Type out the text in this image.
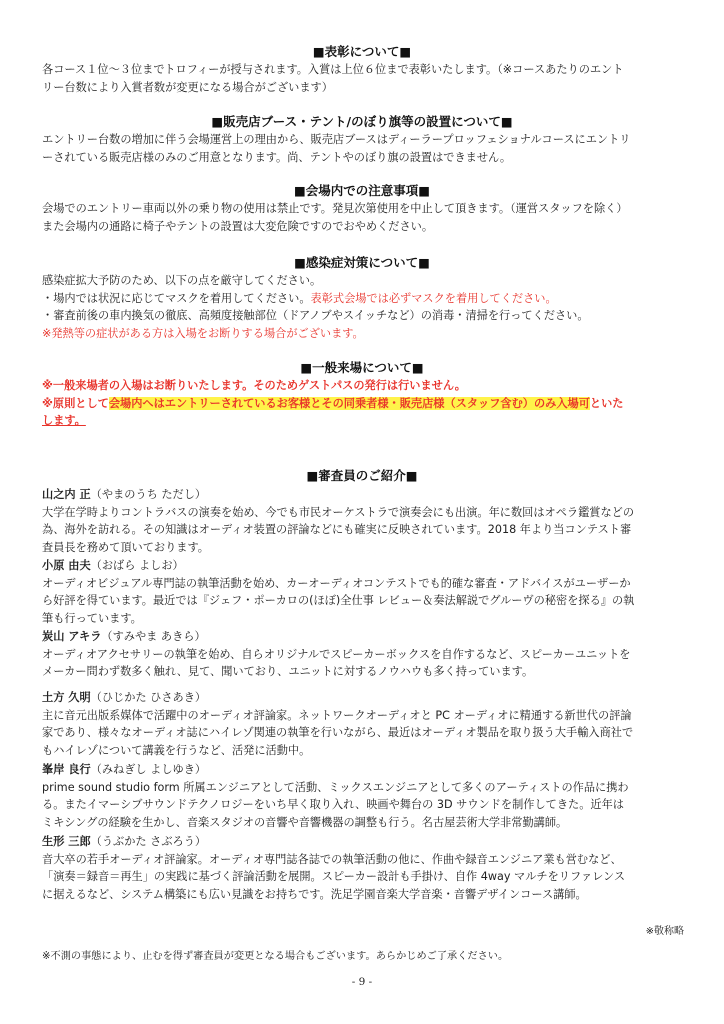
■表彰について■
各コース１位～３位までトロフィーが授与されます。入賞は上位６位まで表彰いたします。（※コースあたりのエント
リー台数により入賞者数が変更になる場合がございます）
■販売店ブース・テント/のぼり旗等の設置について■
エントリー台数の増加に伴う会場運営上の理由から、販売店ブースはディーラープロッフェショナルコースにエントリ
ーされている販売店様のみのご用意となります。尚、テントやのぼり旗の設置はできません。
■会場内での注意事項■
会場でのエントリー車両以外の乗り物の使用は禁止です。発見次第使用を中止して頂きます。（運営スタッフを除く）
また会場内の通路に椅子やテントの設置は大変危険ですのでおやめください。
■感染症対策について■
感染症拡大予防のため、以下の点を厳守してください。
・場内では状況に応じてマスクを着用してください。表彰式会場では必ずマスクを着用してください。
・審査前後の車内換気の徹底、高頻度接触部位（ドアノブやスイッチなど）の消毒・清掃を行ってください。
※発熱等の症状がある方は入場をお断りする場合がございます。
■一般来場について■
※一般来場者の入場はお断りいたします。そのためゲストパスの発行は行いません。
※原則として会場内へはエントリーされているお客様とその同乗者様・販売店様（スタッフ含む）のみ入場可といた
します。
■審査員のご紹介■
山之内 正（やまのうち ただし）
大学在学時よりコントラバスの演奏を始め、今でも市民オーケストラで演奏会にも出演。年に数回はオペラ鑑賞などの
為、海外を訪れる。その知識はオーディオ装置の評論などにも確実に反映されています。2018 年より当コンテスト審
査員長を務めて頂いております。
小原 由夫（おばら よしお）
オーディオビジュアル専門誌の執筆活動を始め、カーオーディオコンテストでも的確な審査・アドバイスがユーザーか
ら好評を得ています。最近では『ジェフ・ポーカロの(ほぼ)全仕事 レビュー＆奏法解説でグルーヴの秘密を探る』の執
筆も行っています。
炭山 アキラ（すみやま あきら）
オーディオアクセサリーの執筆を始め、自らオリジナルでスピーカーボックスを自作するなど、スピーカーユニットを
メーカー問わず数多く触れ、見て、聞いており、ユニットに対するノウハウも多く持っています。
土方 久明（ひじかた ひさあき）
主に音元出版系媒体で活躍中のオーディオ評論家。ネットワークオーディオと PC オーディオに精通する新世代の評論
家であり、様々なオーディオ誌にハイレゾ関連の執筆を行いながら、最近はオーディオ製品を取り扱う大手輸入商社で
もハイレゾについて講義を行うなど、活発に活動中。
峯岸 良行（みねぎし よしゆき）
prime sound studio form 所属エンジニアとして活動、ミックスエンジニアとして多くのアーティストの作品に携わ
る。またイマーシブサウンドテクノロジーをいち早く取り入れ、映画や舞台の 3D サウンドを制作してきた。近年は
ミキシングの経験を生かし、音楽スタジオの音響や音響機器の調整も行う。名古屋芸術大学非常勤講師。
生形 三郎（うぶかた さぶろう）
音大卒の若手オーディオ評論家。オーディオ専門誌各誌での執筆活動の他に、作曲や録音エンジニア業も営むなど、
「演奏＝録音＝再生」の実践に基づく評論活動を展開。スピーカー設計も手掛け、自作 4way マルチをリファレンス
に据えるなど、システム構築にも広い見識をお持ちです。洗足学園音楽大学音楽・音響デザインコース講師。
※敬称略
※不測の事態により、止むを得ず審査員が変更となる場合もございます。あらかじめご了承ください。
- 9 -
